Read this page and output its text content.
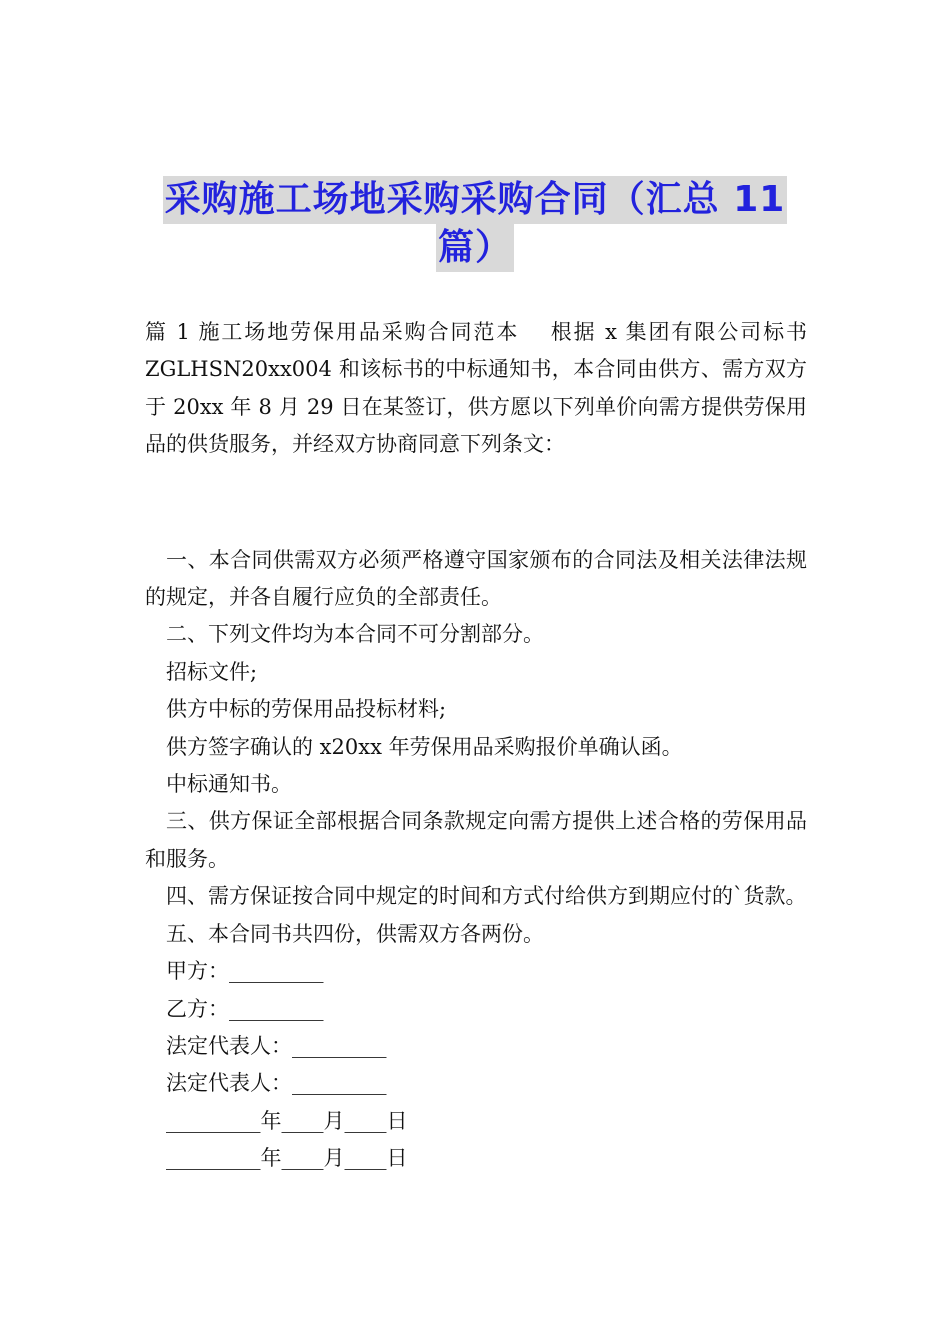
采购施工场地采购采购合同（汇总 11
篇）

篇 1 施工场地劳保用品采购合同范本　 根据 x 集团有限公司标书 ZGLHSN20xx004 和该标书的中标通知书，本合同由供方、需方双方于 20xx 年 8 月 29 日在某签订，供方愿以下列单价向需方提供劳保用品的供货服务，并经双方协商同意下列条文：

一、本合同供需双方必须严格遵守国家颁布的合同法及相关法律法规的规定，并各自履行应负的全部责任。

二、下列文件均为本合同不可分割部分。

招标文件;

供方中标的劳保用品投标材料;

供方签字确认的 x20xx 年劳保用品采购报价单确认函。

中标通知书。

三、供方保证全部根据合同条款规定向需方提供上述合格的劳保用品和服务。

四、需方保证按合同中规定的时间和方式付给供方到期应付的`货款。

五、本合同书共四份，供需双方各两份。

甲方：_________

乙方：_________

法定代表人：_________

法定代表人：_________

_________年____月____日

_________年____月____日
